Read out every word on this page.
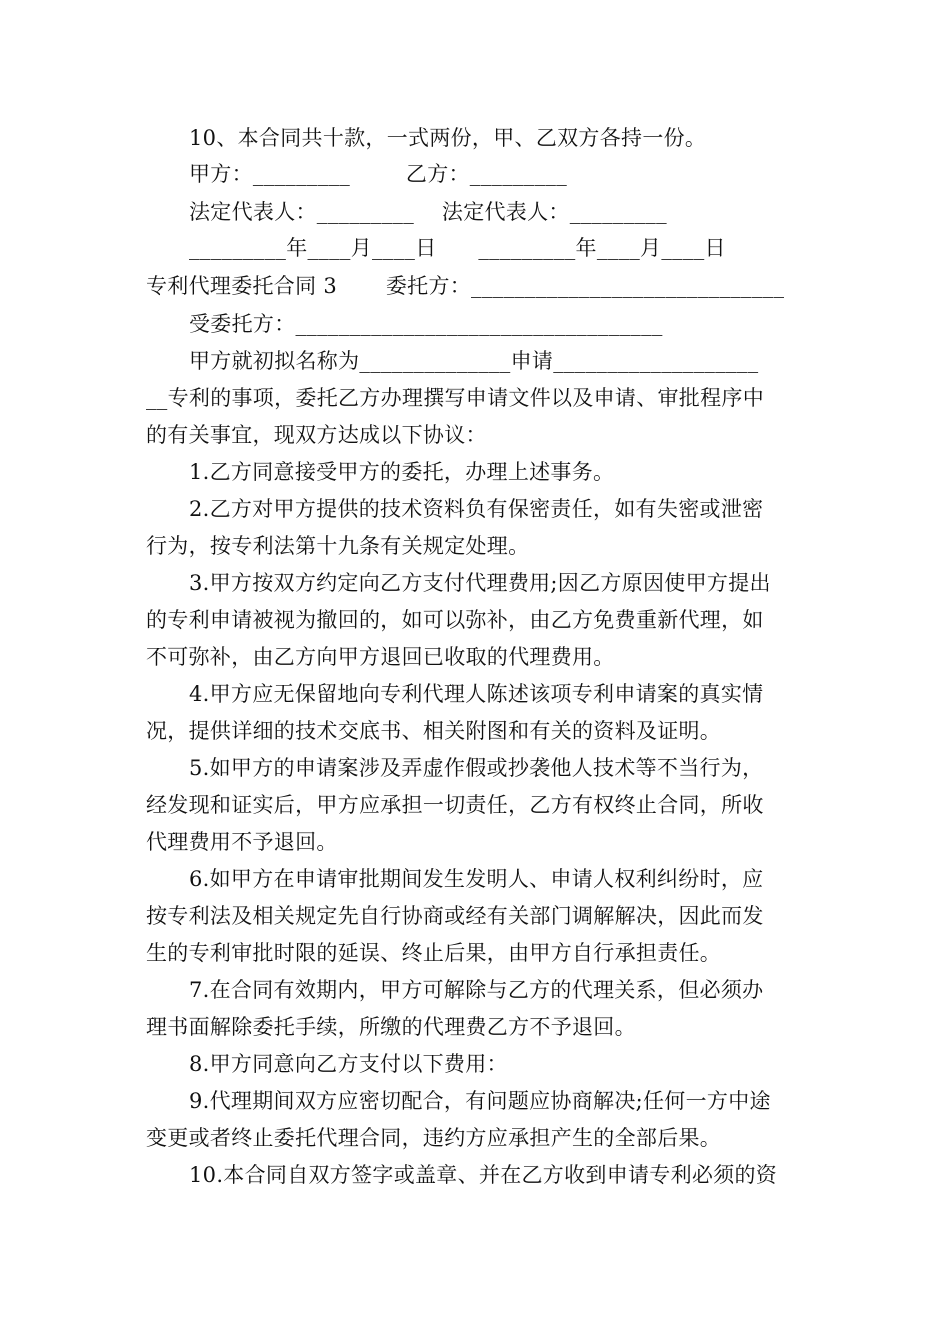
10、本合同共十款，一式两份，甲、乙双方各持一份。
甲方：_________        乙方：_________
法定代表人：_________    法定代表人：_________
_________年____月____日      _________年____月____日
专利代理委托合同 3       委托方：_____________________________
受委托方：__________________________________
甲方就初拟名称为______________申请___________________
__专利的事项，委托乙方办理撰写申请文件以及申请、审批程序中
的有关事宜，现双方达成以下协议：
1.乙方同意接受甲方的委托，办理上述事务。
2.乙方对甲方提供的技术资料负有保密责任，如有失密或泄密
行为，按专利法第十九条有关规定处理。
3.甲方按双方约定向乙方支付代理费用;因乙方原因使甲方提出
的专利申请被视为撤回的，如可以弥补，由乙方免费重新代理，如
不可弥补，由乙方向甲方退回已收取的代理费用。
4.甲方应无保留地向专利代理人陈述该项专利申请案的真实情
况，提供详细的技术交底书、相关附图和有关的资料及证明。
5.如甲方的申请案涉及弄虚作假或抄袭他人技术等不当行为，
经发现和证实后，甲方应承担一切责任，乙方有权终止合同，所收
代理费用不予退回。
6.如甲方在申请审批期间发生发明人、申请人权利纠纷时，应
按专利法及相关规定先自行协商或经有关部门调解解决，因此而发
生的专利审批时限的延误、终止后果，由甲方自行承担责任。
7.在合同有效期内，甲方可解除与乙方的代理关系，但必须办
理书面解除委托手续，所缴的代理费乙方不予退回。
8.甲方同意向乙方支付以下费用：
9.代理期间双方应密切配合，有问题应协商解决;任何一方中途
变更或者终止委托代理合同，违约方应承担产生的全部后果。
10.本合同自双方签字或盖章、并在乙方收到申请专利必须的资
